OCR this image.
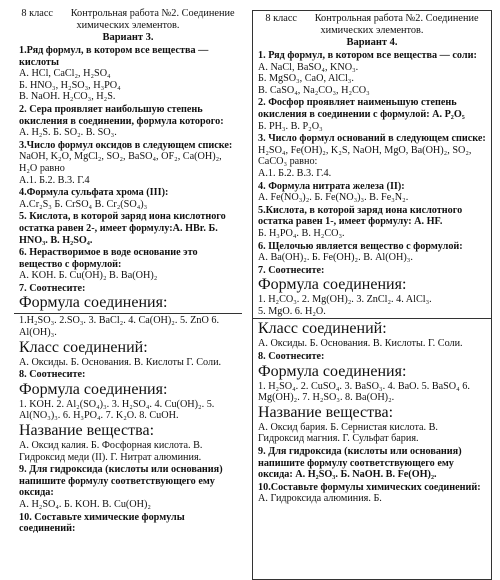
8 класс Контрольная работа №2. Соединение химических элементов.
Вариант 3.
1.Ряд формул, в котором все вещества — кислоты
А. HCl, CaCl₂, H₂SO₄
Б. HNO₃, H₂SO₃, H₃PO₄
В. NaOH. H₂CO₃, H₂S.
2. Сера проявляет наибольшую степень окисления в соединении, формула которого:
А. H₂S. Б. SO₂. В. SO₃.
3.Число формул оксидов в следующем списке:
NaOH, K₂O, MgCl₂, SO₂, BaSO₄, OF₂, Ca(OH)₂, H₂O равно
А.1. Б.2. В.3. Г.4
4.Формула сульфата хрома (III):
А.Cr₂S₃ Б. CrSO₄ В. Cr₂(SO₄)₃
5. Кислота, в которой заряд иона кислотного остатка равен 2-, имеет формулу:А. HBr. Б. HNO₃. В. H₂SO₄.
6. Нерастворимое в воде основание это вещество с формулой:
А. KOH. Б. Cu(OH)₂ В. Ba(OH)₂
7. Соотнесите:
Формула соединения:
1.H₂SO₃. 2.SO₃. 3. BaCl₂. 4. Ca(OH)₂. 5. ZnO 6. Al(OH)₃.
Класс соединений:
А. Оксиды. Б. Основания. В. Кислоты Г. Соли.
8. Соотнесите:
Формула соединения:
1. KOH. 2. Al₂(SO₄)₃. 3. H₂SO₄. 4. Cu(OH)₂. 5. Al(NO₃)₃. 6. H₃PO₄. 7. K₂O. 8. CuOH.
Название вещества:
А. Оксид калия. Б. Фосфорная кислота. В. Гидроксид меди (II). Г. Нитрат алюминия.
9. Для гидроксида (кислоты или основания) напишите формулу соответствующего ему оксида:
А. H₂SO₄. Б. KOH. В. Cu(OH)₂
10. Составьте химические формулы соединений:
8 класс Контрольная работа №2. Соединение химических элементов.
Вариант 4.
1. Ряд формул, в котором все вещества — соли:
А. NaCl, BaSO₄, KNO₃.
Б. MgSO₃, CaO, AlCl₃.
В. CaSO₄, Na₂CO₃, H₂CO₃
2. Фосфор проявляет наименьшую степень окисления в соединении с формулой: А. P₂O₅
Б. PH₃. В. P₂O₃
3. Число формул оснований в следующем списке:
H₂SO₄, Fe(OH)₂, K₂S, NaOH, MgO, Ba(OH)₂, SO₂, CaCO₃ равно:
А.1. Б.2. В.3. Г.4.
4. Формула нитрата железа (II):
А. Fe(NO₃)₂. Б. Fe(NO₃)₃. В. Fe₃N₂.
5.Кислота, в которой заряд иона кислотного остатка равен 1-, имеет формулу: А. HF.
Б. H₃PO₄. В. H₂CO₃.
6. Щелочью является вещество с формулой:
А. Ba(OH)₂. Б. Fe(OH)₂. В. Al(OH)₃.
7. Соотнесите:
Формула соединения:
1. H₂CO₃. 2. Mg(OH)₂. 3. ZnCl₂. 4. AlCl₃.
5. MgO. 6. H₂O.
Класс соединений:
А. Оксиды. Б. Основания. В. Кислоты. Г. Соли.
8. Соотнесите:
Формула соединения:
1. H₂SO₄. 2. CuSO₄. 3. BaSO₃. 4. BaO. 5. BaSO₄ 6. Mg(OH)₂. 7. H₂SO₃. 8. Ba(OH)₂.
Название вещества:
А. Оксид бария. Б. Сернистая кислота. В. Гидроксид магния. Г. Сульфат бария.
9. Для гидроксида (кислоты или основания) напишите формулу соответствующего ему оксида: А. H₂SO₃. Б. NaOH. В. Fe(OH)₂.
10.Составьте формулы химических соединений:
А. Гидроксида алюминия. Б.
